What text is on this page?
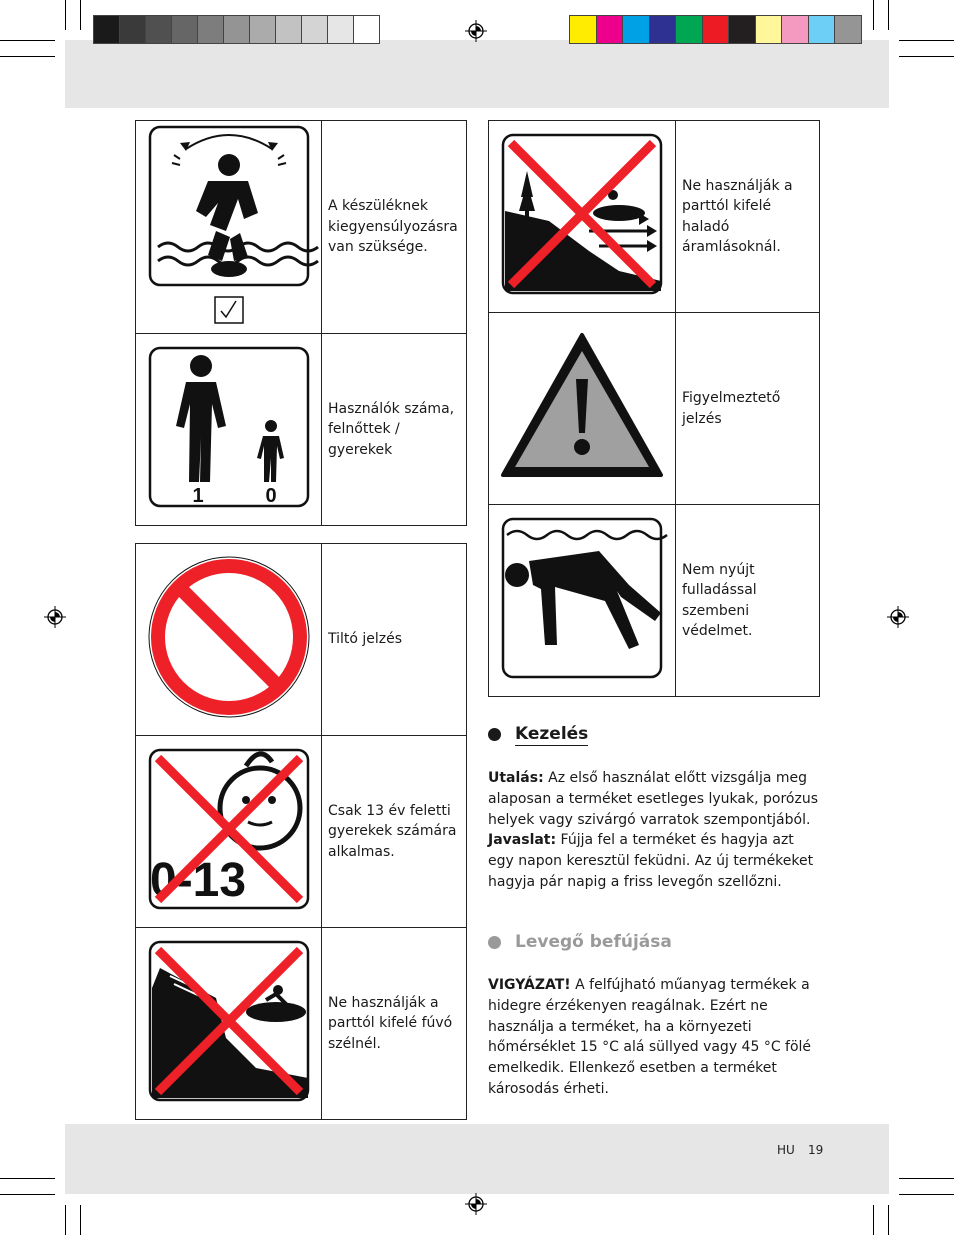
	A készüléknek kiegyensúlyozásra van szüksége.

1 0	Használók száma, felnőttek / gyerekek
	Tiltó jelzés

0-13	Csak 13 év feletti gyerekek számára alkalmas.
	Ne használják a parttól kifelé fúvó szélnél.
	Ne használják a parttól kifelé haladó áramlásoknál.
	Figyelmeztető jelzés
	Nem nyújt fulladással szembeni védelmet.
Kezelés
Utalás: Az első használat előtt vizsgálja meg alaposan a terméket esetleges lyukak, porózus helyek vagy szivárgó varratok szempontjából.
Javaslat: Fújja fel a terméket és hagyja azt egy napon keresztül feküdni. Az új termékeket hagyja pár napig a friss levegőn szellőzni.
Levegő befújása
VIGYÁZAT! A felfújható műanyag termékek a hidegre érzékenyen reagálnak. Ezért ne használja a terméket, ha a környezeti hőmérséklet 15 °C alá süllyed vagy 45 °C fölé emelkedik. Ellenkező esetben a terméket károsodás érheti.
HU 19
